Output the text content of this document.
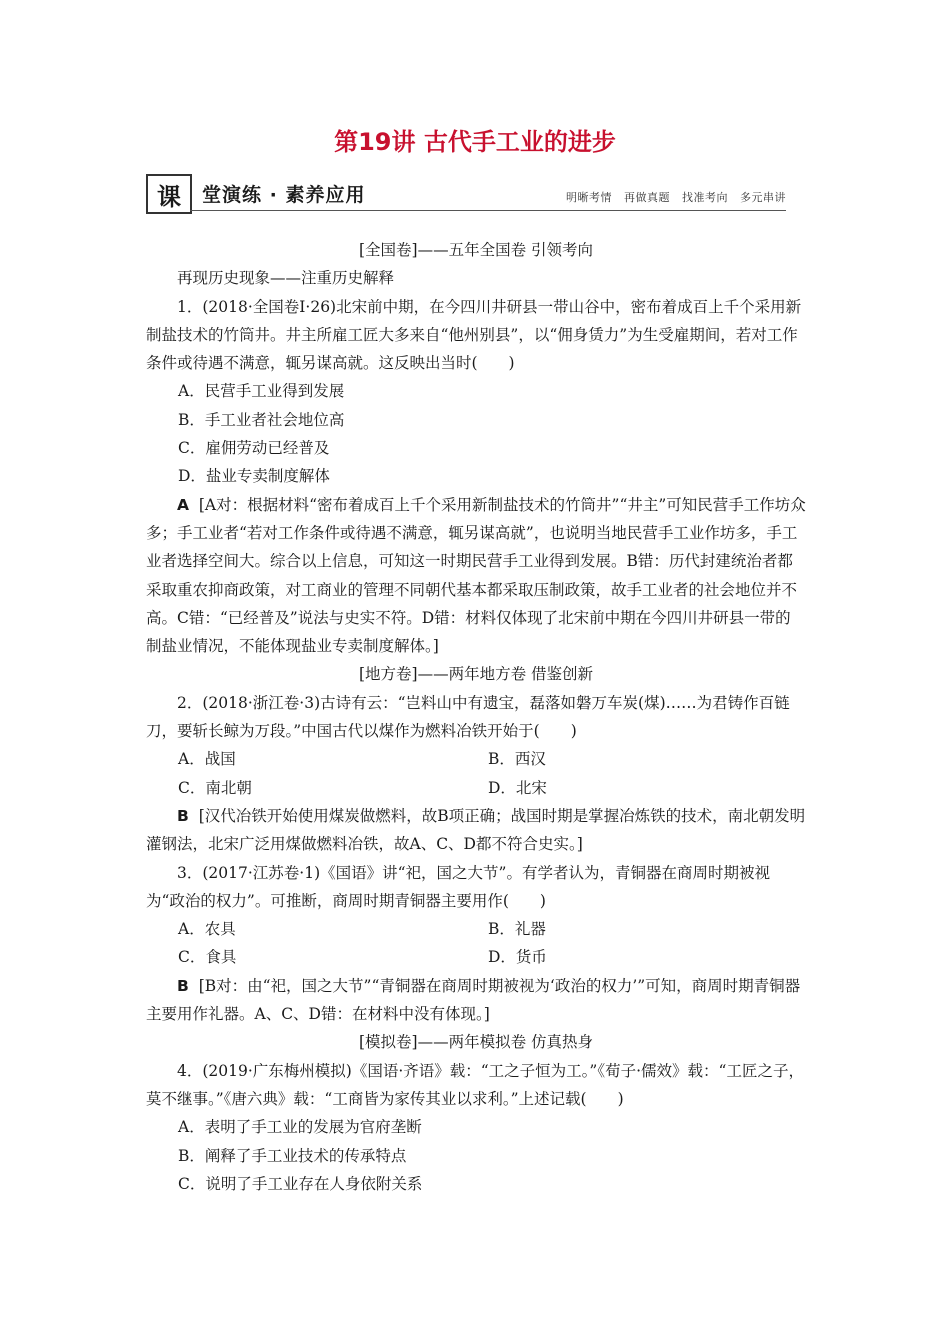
第19讲 古代手工业的进步
课	堂演练 · 素养应用	明晰考情 再做真题 找准考向 多元串讲

[全国卷]——五年全国卷 引领考向

再现历史现象——注重历史解释

1．(2018·全国卷Ⅰ·26)北宋前中期，在今四川井研县一带山谷中，密布着成百上千个采用新制盐技术的竹筒井。井主所雇工匠大多来自“他州别县”，以“佣身赁力”为生受雇期间，若对工作条件或待遇不满意，辄另谋高就。这反映出当时(　　)

A．民营手工业得到发展

B．手工业者社会地位高

C．雇佣劳动已经普及

D．盐业专卖制度解体

A [A对：根据材料“密布着成百上千个采用新制盐技术的竹筒井”“井主”可知民营手工作坊众多；手工业者“若对工作条件或待遇不满意，辄另谋高就”，也说明当地民营手工业作坊多，手工业者选择空间大。综合以上信息，可知这一时期民营手工业得到发展。B错：历代封建统治者都采取重农抑商政策，对工商业的管理不同朝代基本都采取压制政策，故手工业者的社会地位并不高。C错：“已经普及”说法与史实不符。D错：材料仅体现了北宋前中期在今四川井研县一带的制盐业情况，不能体现盐业专卖制度解体。]

[地方卷]——两年地方卷 借鉴创新

2．(2018·浙江卷·3)古诗有云：“岂料山中有遗宝，磊落如磐万车炭(煤)……为君铸作百链刀，要斩长鲸为万段。”中国古代以煤作为燃料冶铁开始于(　　)

A．战国	B．西汉
C．南北朝	D．北宋

B [汉代冶铁开始使用煤炭做燃料，故B项正确；战国时期是掌握冶炼铁的技术，南北朝发明灌钢法，北宋广泛用煤做燃料冶铁，故A、C、D都不符合史实。]

3．(2017·江苏卷·1)《国语》讲“祀，国之大节”。有学者认为，青铜器在商周时期被视为“政治的权力”。可推断，商周时期青铜器主要用作(　　)

A．农具	B．礼器
C．食具	D．货币

B [B对：由“祀，国之大节”“青铜器在商周时期被视为‘政治的权力’”可知，商周时期青铜器主要用作礼器。A、C、D错：在材料中没有体现。]

[模拟卷]——两年模拟卷 仿真热身

4．(2019·广东梅州模拟)《国语·齐语》载：“工之子恒为工。”《荀子·儒效》载：“工匠之子，莫不继事。”《唐六典》载：“工商皆为家传其业以求利。”上述记载(　　)

A．表明了手工业的发展为官府垄断

B．阐释了手工业技术的传承特点

C．说明了手工业存在人身依附关系
